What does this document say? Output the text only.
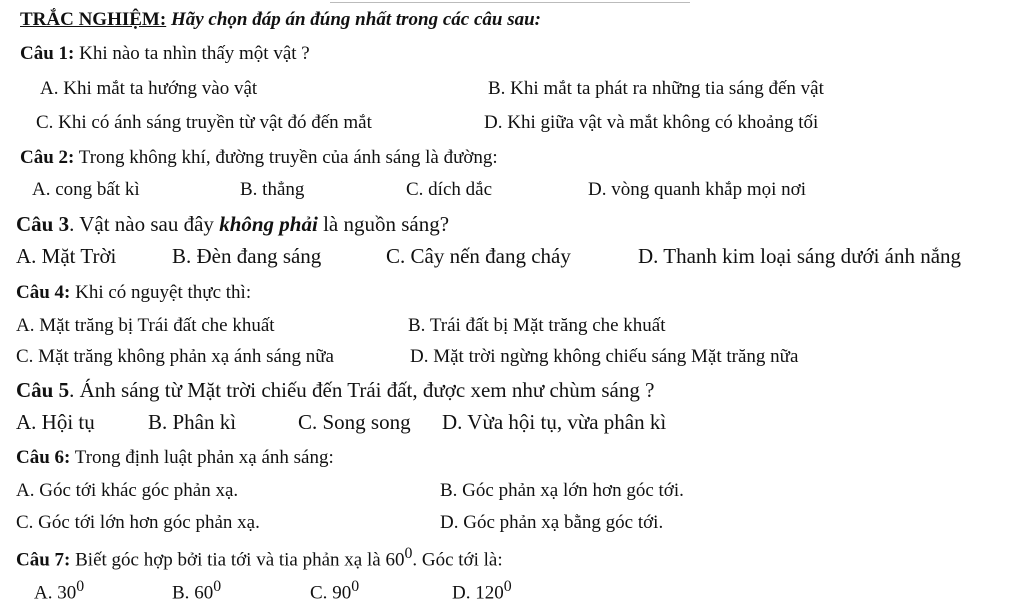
TRẮC NGHIỆM: Hãy chọn đáp án đúng nhất trong các câu sau:
Câu 1: Khi nào ta nhìn thấy một vật ?
A. Khi mắt ta hướng vào vật	B. Khi mắt ta phát ra những tia sáng đến vật
C. Khi có ánh sáng truyền từ vật đó đến mắt	D. Khi giữa vật và mắt không có khoảng tối
Câu 2: Trong không khí, đường truyền của ánh sáng là đường:
A. cong bất kì	B. thẳng	C. dích dắc	D. vòng quanh khắp mọi nơi
Câu 3. Vật nào sau đây không phải là nguồn sáng?
A. Mặt Trời	B. Đèn đang sáng	C. Cây nến đang cháy	D. Thanh kim loại sáng dưới ánh nắng
Câu 4: Khi có nguyệt thực thì:
A. Mặt trăng bị Trái đất che khuất	B. Trái đất bị Mặt trăng che khuất
C. Mặt trăng không phản xạ ánh sáng nữa	D. Mặt trời ngừng không chiếu sáng Mặt trăng nữa
Câu 5. Ánh sáng từ Mặt trời chiếu đến Trái đất, được xem như chùm sáng ?
A. Hội tụ	B. Phân kì	C. Song song D. Vừa hội tụ, vừa phân kì
Câu 6: Trong định luật phản xạ ánh sáng:
A. Góc tới khác góc phản xạ.	B. Góc phản xạ lớn hơn góc tới.
C. Góc tới lớn hơn góc phản xạ.	D. Góc phản xạ bằng góc tới.
Câu 7: Biết góc hợp bởi tia tới và tia phản xạ là $60^0$. Góc tới là:
A. $30^0$	B. $60^0$	C. $90^0$	D. $120^0$
